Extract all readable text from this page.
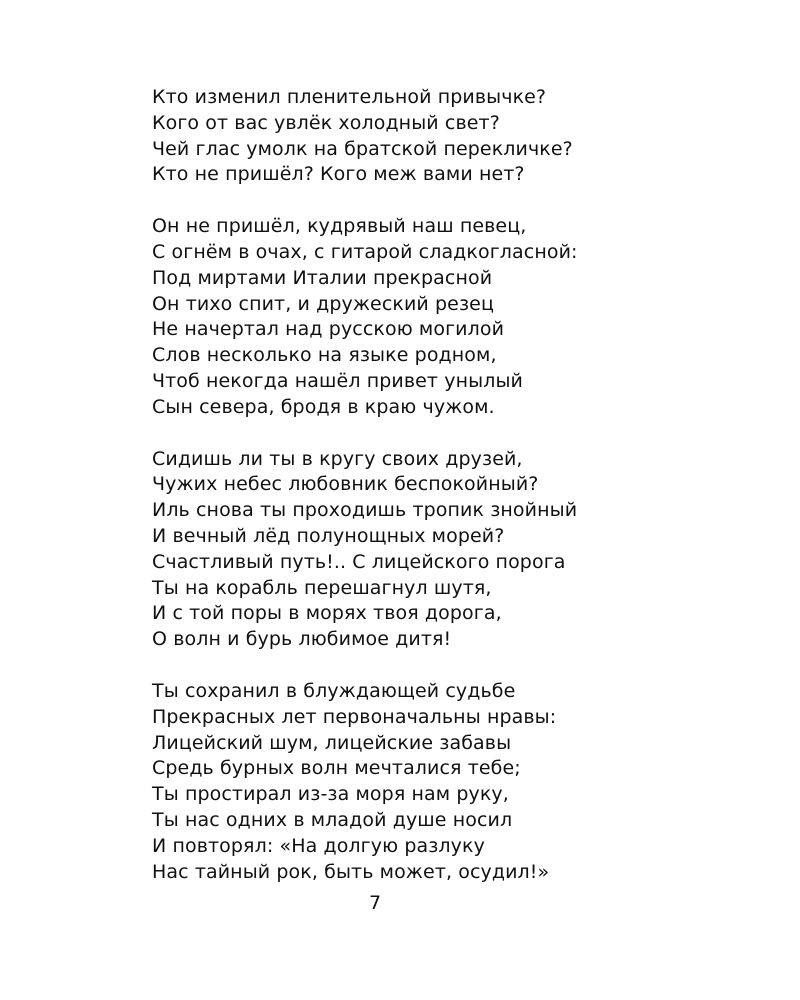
Кто изменил пленительной привычке?
Кого от вас увлёк холодный свет?
Чей глас умолк на братской перекличке?
Кто не пришёл? Кого меж вами нет?
Он не пришёл, кудрявый наш певец,
С огнём в очах, с гитарой сладкогласной:
Под миртами Италии прекрасной
Он тихо спит, и дружеский резец
Не начертал над русскою могилой
Слов несколько на языке родном,
Чтоб некогда нашёл привет унылый
Сын севера, бродя в краю чужом.
Сидишь ли ты в кругу своих друзей,
Чужих небес любовник беспокойный?
Иль снова ты проходишь тропик знойный
И вечный лёд полунощных морей?
Счастливый путь!.. С лицейского порога
Ты на корабль перешагнул шутя,
И с той поры в морях твоя дорога,
О волн и бурь любимое дитя!
Ты сохранил в блуждающей судьбе
Прекрасных лет первоначальны нравы:
Лицейский шум, лицейские забавы
Средь бурных волн мечталися тебе;
Ты простирал из-за моря нам руку,
Ты нас одних в младой душе носил
И повторял: «На долгую разлуку
Нас тайный рок, быть может, осудил!»
7
